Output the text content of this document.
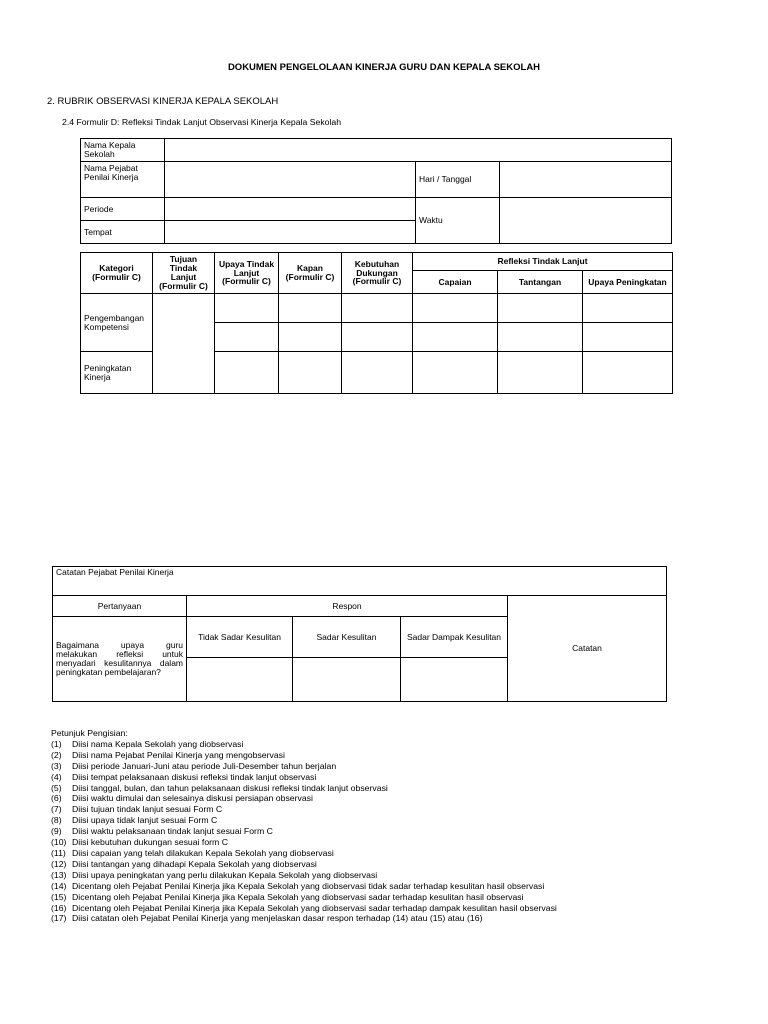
DOKUMEN PENGELOLAAN KINERJA GURU DAN KEPALA SEKOLAH
2. RUBRIK OBSERVASI KINERJA KEPALA SEKOLAH
2.4 Formulir D: Refleksi Tindak Lanjut Observasi Kinerja Kepala Sekolah
Nama Kepala Sekolah			
Nama Pejabat Penilai Kinerja		Hari / Tanggal	
Periode		Waktu	
Tempat			
Kategori (Formulir C)	Tujuan Tindak Lanjut (Formulir C)	Upaya Tindak Lanjut (Formulir C)	Kapan (Formulir C)	Kebutuhan Dukungan (Formulir C)	Refleksi Tindak Lanjut		
					Capaian	Tantangan	Upaya Peningkatan
Pengembangan Kompetensi							

Peningkatan Kinerja							
Catatan Pejabat Penilai Kinerja				
Pertanyaan	Respon			Catatan
Bagaimana upaya guru melakukan refleksi untuk menyadari kesulitannya dalam peningkatan pembelajaran?	Tidak Sadar Kesulitan	Sadar Kesulitan	Sadar Dampak Kesulitan	

Petunjuk Pengisian:
(1) Diisi nama Kepala Sekolah yang diobservasi
(2) Diisi nama Pejabat Penilai Kinerja yang mengobservasi
(3) Diisi periode Januari-Juni atau periode Juli-Desember tahun berjalan
(4) Diisi tempat pelaksanaan diskusi refleksi tindak lanjut observasi
(5) Diisi tanggal, bulan, dan tahun pelaksanaan diskusi refleksi tindak lanjut observasi
(6) Diisi waktu dimulai dan selesainya diskusi persiapan observasi
(7) Diisi tujuan tindak lanjut sesuai Form C
(8) Diisi upaya tidak lanjut sesuai Form C
(9) Diisi waktu pelaksanaan tindak lanjut sesuai Form C
(10) Diisi kebutuhan dukungan sesuai form C
(11) Diisi capaian yang telah dilakukan Kepala Sekolah yang diobservasi
(12) Diisi tantangan yang dihadapi Kepala Sekolah yang diobservasi
(13) Diisi upaya peningkatan yang perlu dilakukan Kepala Sekolah yang diobservasi
(14) Dicentang oleh Pejabat Penilai Kinerja jika Kepala Sekolah yang diobservasi tidak sadar terhadap kesulitan hasil observasi
(15) Dicentang oleh Pejabat Penilai Kinerja jika Kepala Sekolah yang diobservasi sadar terhadap kesulitan hasil observasi
(16) Dicentang oleh Pejabat Penilai Kinerja jika Kepala Sekolah yang diobservasi sadar terhadap dampak kesulitan hasil observasi
(17) Diisi catatan oleh Pejabat Penilai Kinerja yang menjelaskan dasar respon terhadap (14) atau (15) atau (16)
